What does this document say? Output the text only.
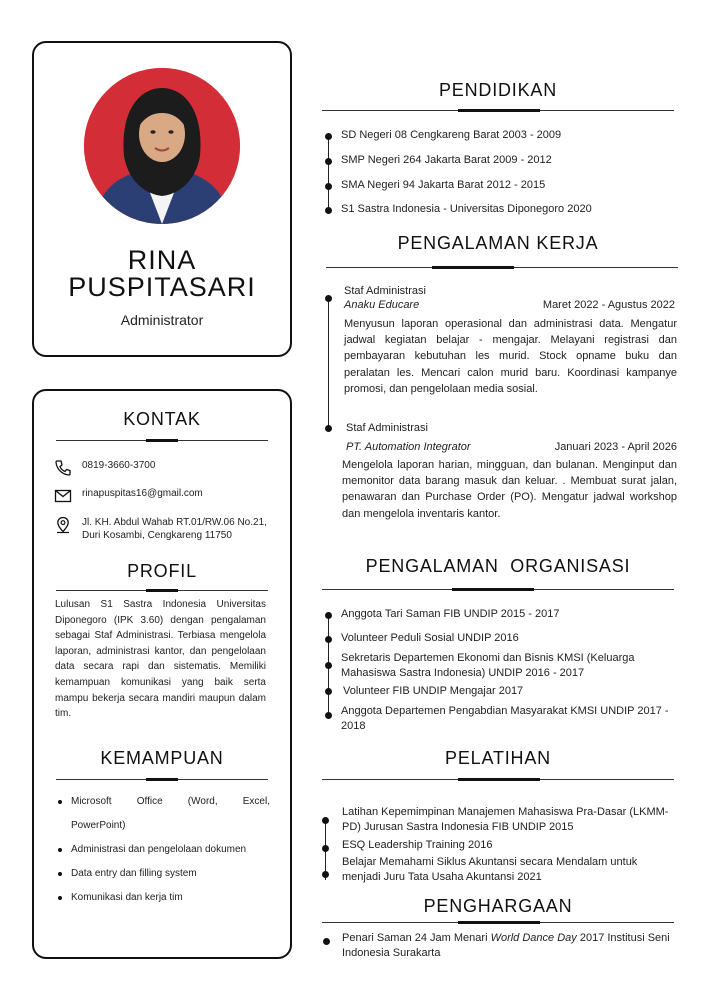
RINA
PUSPITASARI
Administrator
KONTAK
0819-3660-3700
rinapuspitas16@gmail.com
Jl. KH. Abdul Wahab RT.01/RW.06 No.21, Duri Kosambi, Cengkareng 11750
PROFIL

Lulusan S1 Sastra Indonesia Universitas Diponegoro (IPK 3.60) dengan pengalaman sebagai Staf Administrasi. Terbiasa mengelola laporan, administrasi kantor, dan pengelolaan data secara rapi dan sistematis. Memiliki kemampuan komunikasi yang baik serta mampu bekerja secara mandiri maupun dalam tim.

KEMAMPUAN
Microsoft Office (Word, Excel,
PowerPoint)
Administrasi dan pengelolaan dokumen
Data entry dan filling system
Komunikasi dan kerja tim
PENDIDIKAN
SD Negeri 08 Cengkareng Barat 2003 - 2009
SMP Negeri 264 Jakarta Barat 2009 - 2012
SMA Negeri 94 Jakarta Barat 2012 - 2015
S1 Sastra Indonesia - Universitas Diponegoro 2020
PENGALAMAN KERJA
Staf Administrasi
Anaku Educare	Maret 2022 - Agustus 2022

Menyusun laporan operasional dan administrasi data. Mengatur jadwal kegiatan belajar - mengajar. Melayani registrasi dan pembayaran kebutuhan les murid. Stock opname buku dan peralatan les. Mencari calon murid baru. Koordinasi kampanye promosi, dan pengelolaan media sosial.

Staf Administrasi
PT. Automation Integrator	Januari 2023 - April 2026

Mengelola laporan harian, mingguan, dan bulanan. Menginput dan memonitor data barang masuk dan keluar. . Membuat surat jalan, penawaran dan Purchase Order (PO). Mengatur jadwal workshop dan mengelola inventaris kantor.

PENGALAMAN  ORGANISASI
Anggota Tari Saman FIB UNDIP 2015 - 2017
Volunteer Peduli Sosial UNDIP 2016
Sekretaris Departemen Ekonomi dan Bisnis KMSI (Keluarga Mahasiswa Sastra Indonesia) UNDIP 2016 - 2017
Volunteer FIB UNDIP Mengajar 2017
Anggota Departemen Pengabdian Masyarakat KMSI UNDIP 2017 - 2018
PELATIHAN
Latihan Kepemimpinan Manajemen Mahasiswa Pra-Dasar (LKMM-PD) Jurusan Sastra Indonesia FIB UNDIP 2015
ESQ Leadership Training 2016
Belajar Memahami Siklus Akuntansi secara Mendalam untuk menjadi Juru Tata Usaha Akuntansi 2021
PENGHARGAAN
Penari Saman 24 Jam Menari World Dance Day 2017 Institusi Seni Indonesia Surakarta
